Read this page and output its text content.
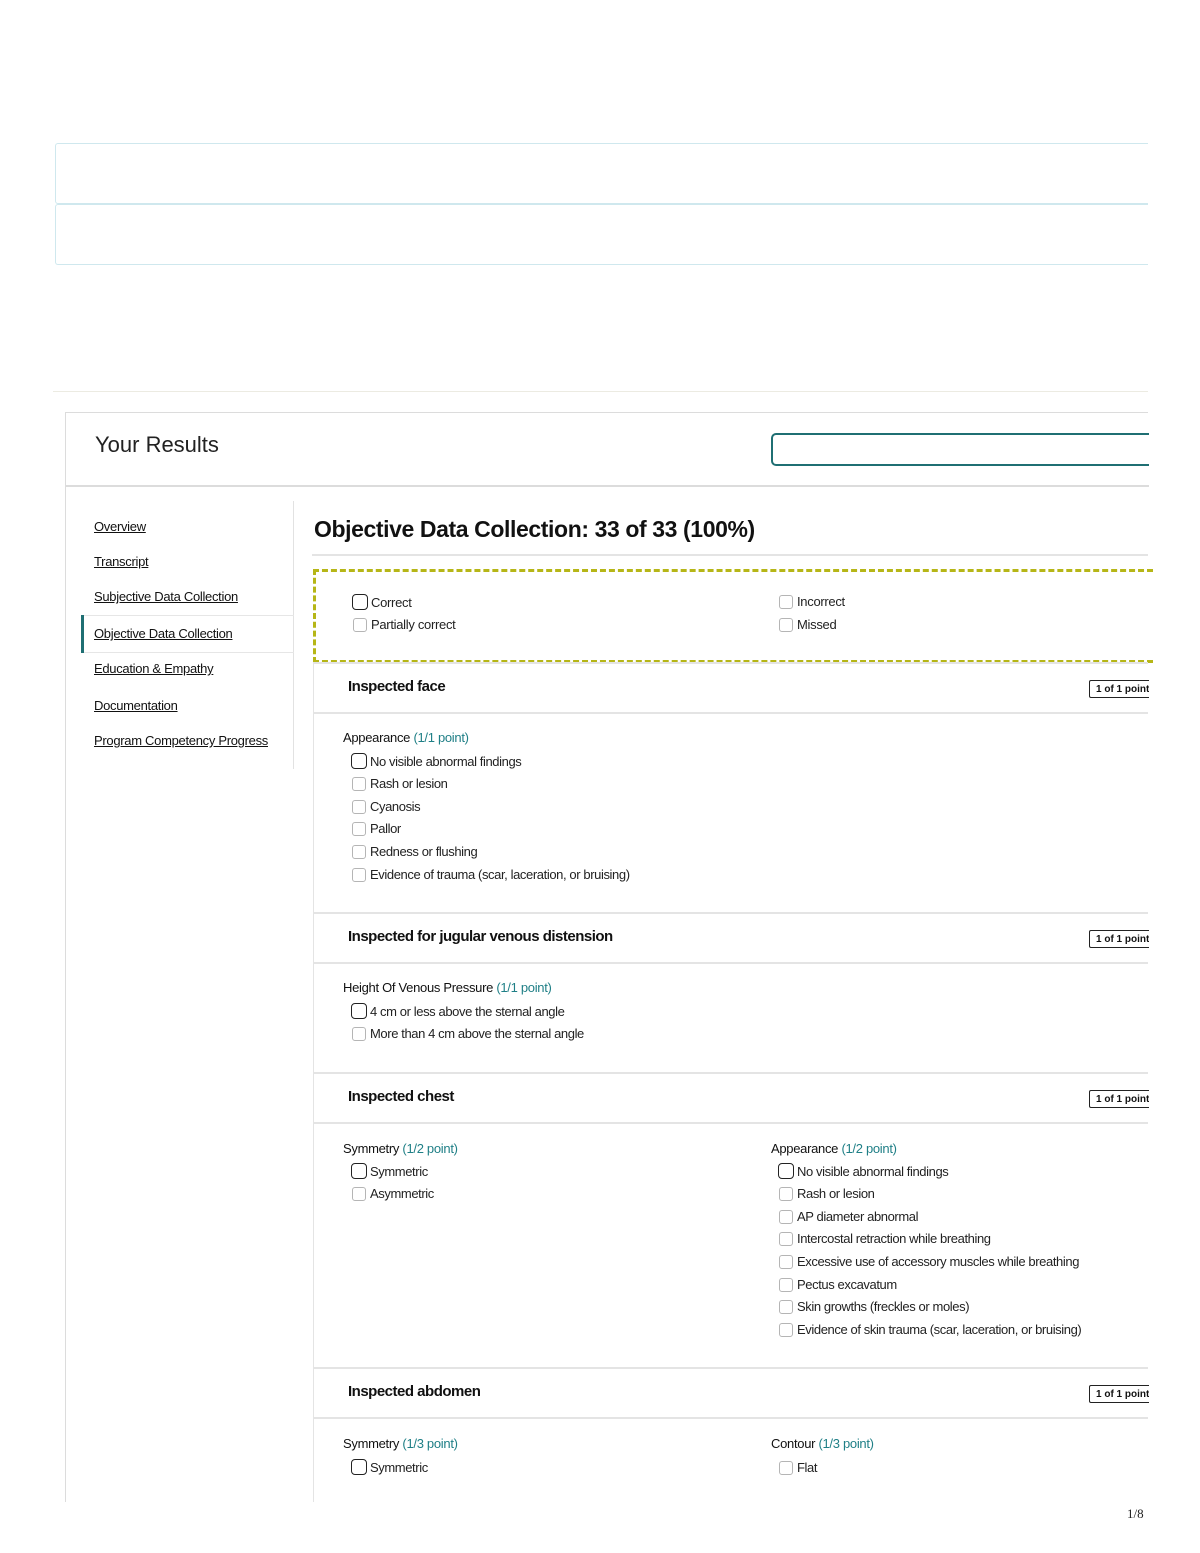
Your Results
Overview
Transcript
Subjective Data Collection
Objective Data Collection
Education & Empathy
Documentation
Program Competency Progress
Objective Data Collection: 33 of 33 (100%)
Correct	Incorrect
Partially correct	Missed
Inspected face	1 of 1 point
Appearance (1/1 point)
No visible abnormal findings
Rash or lesion
Cyanosis
Pallor
Redness or flushing
Evidence of trauma (scar, laceration, or bruising)
Inspected for jugular venous distension	1 of 1 point
Height Of Venous Pressure (1/1 point)
4 cm or less above the sternal angle
More than 4 cm above the sternal angle
Inspected chest	1 of 1 point
Symmetry (1/2 point)
Symmetric
Asymmetric
Appearance (1/2 point)
No visible abnormal findings
Rash or lesion
AP diameter abnormal
Intercostal retraction while breathing
Excessive use of accessory muscles while breathing
Pectus excavatum
Skin growths (freckles or moles)
Evidence of skin trauma (scar, laceration, or bruising)
Inspected abdomen	1 of 1 point
Symmetry (1/3 point)
Symmetric
Contour (1/3 point)
Flat
1/8
